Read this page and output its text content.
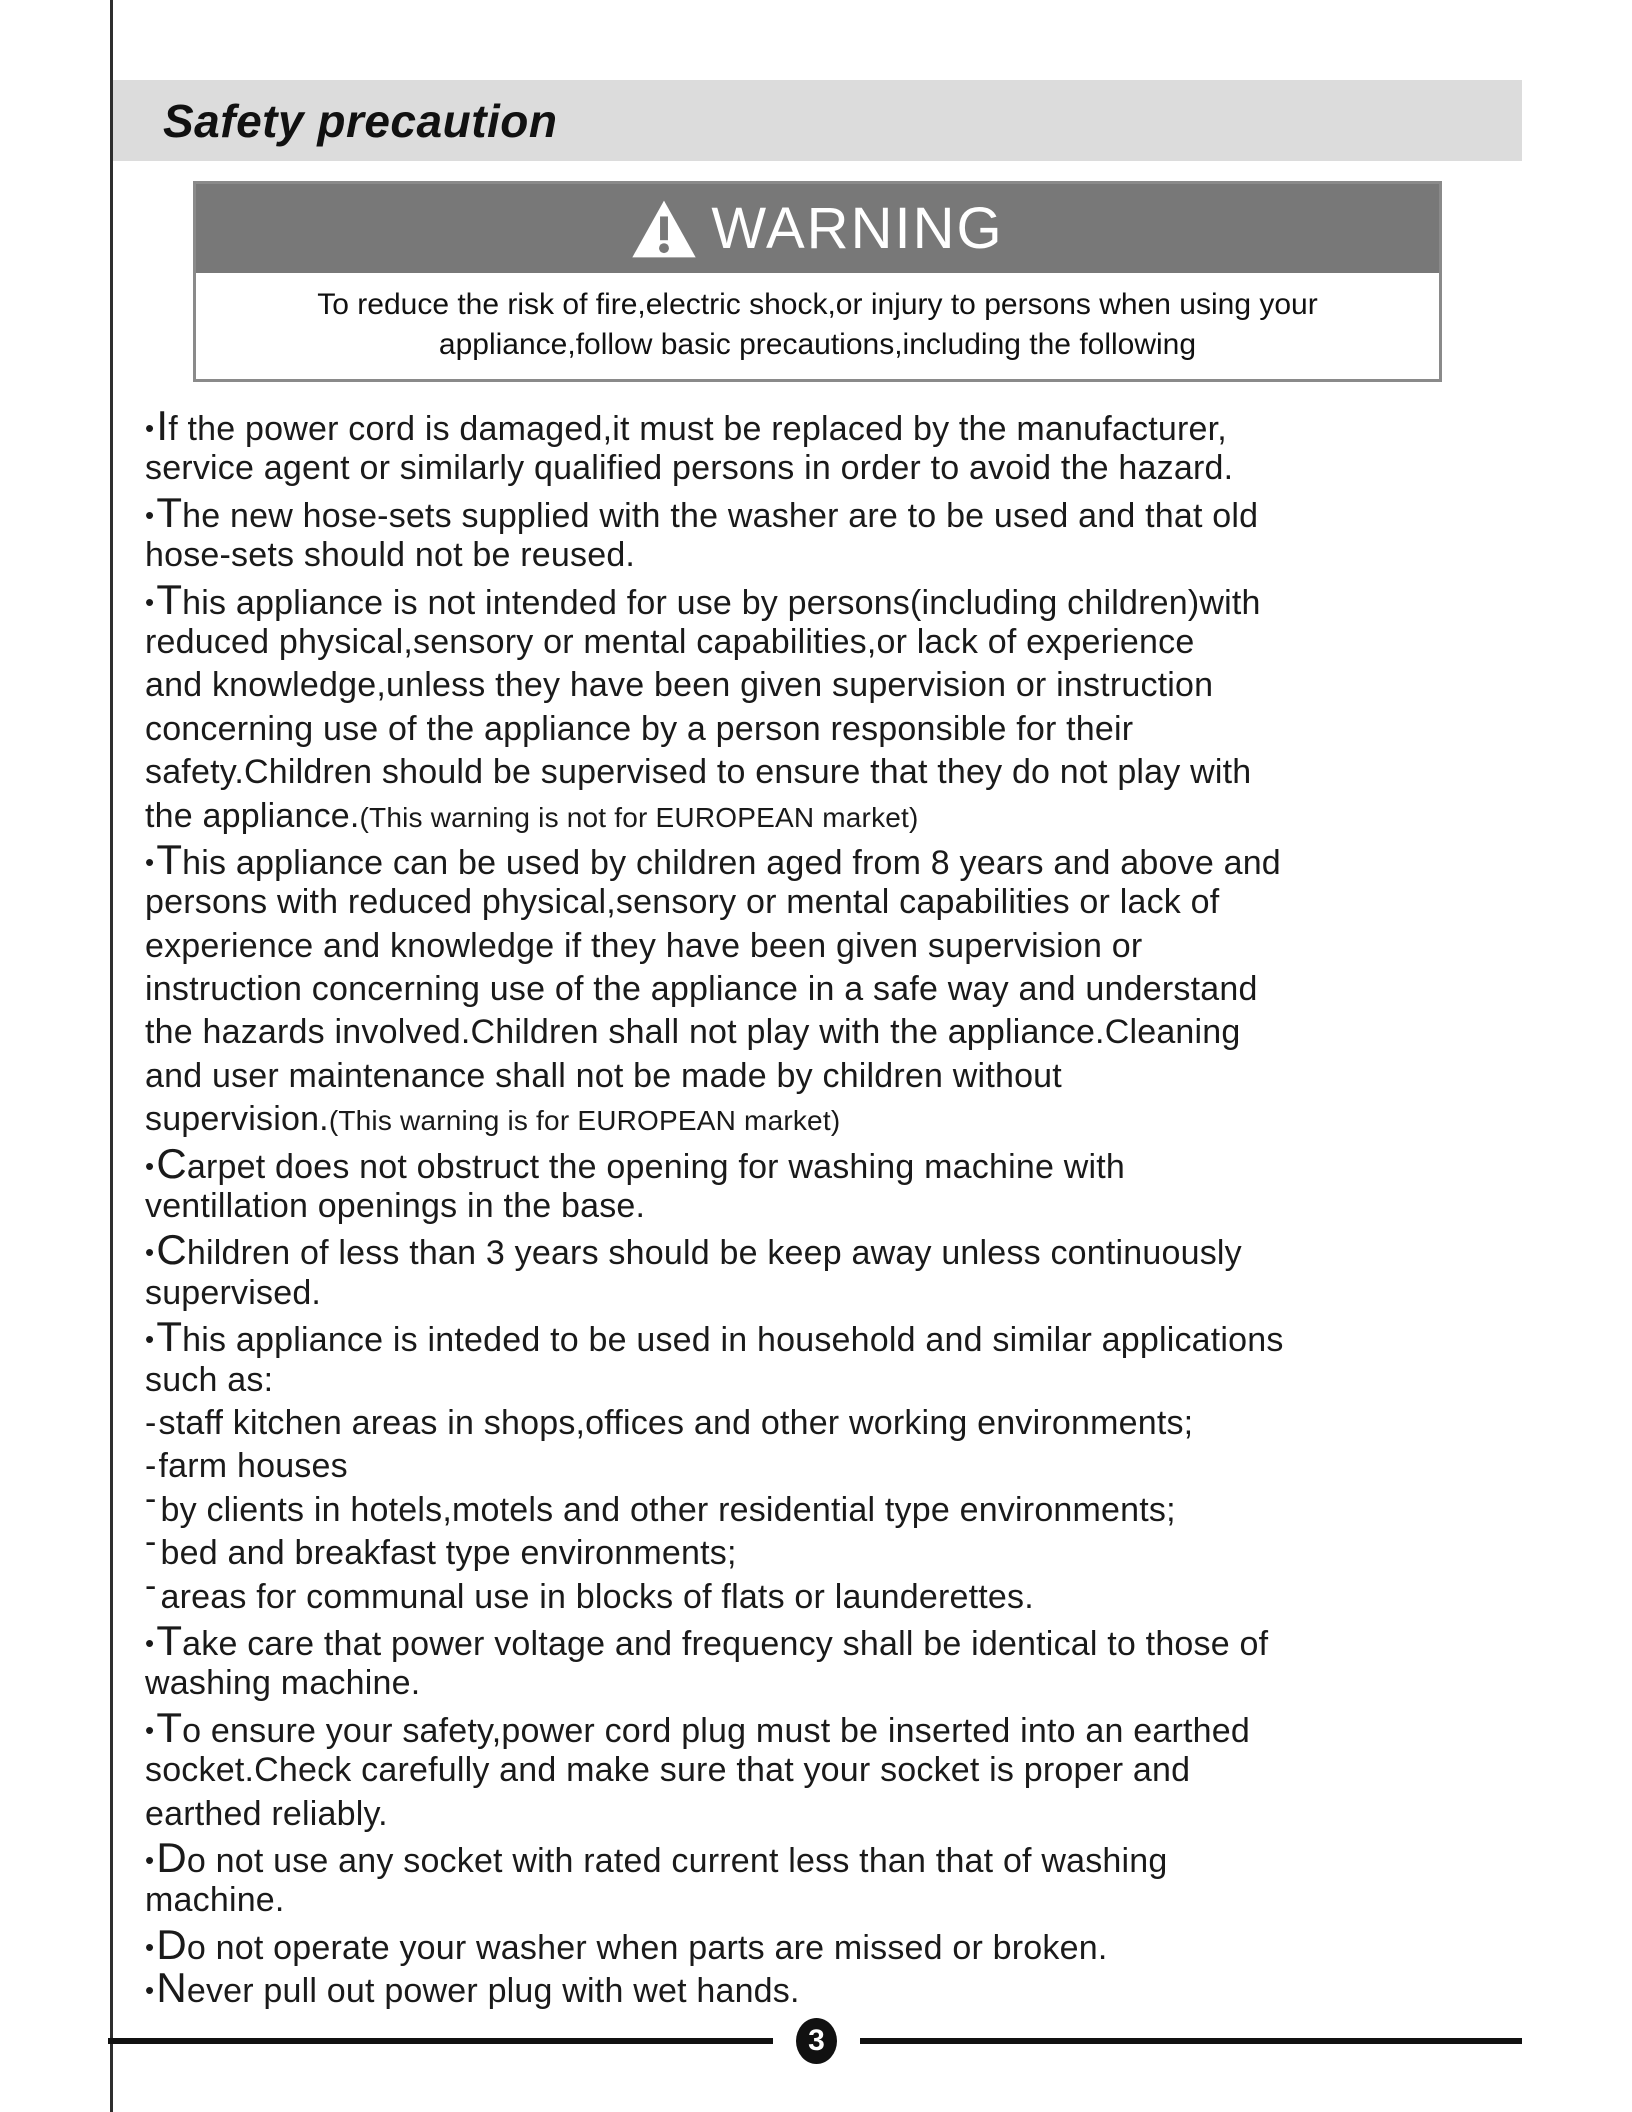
Safety precaution
WARNING
To reduce the risk of fire,electric shock,or injury to persons when using your
appliance,follow basic precautions,including the following
•If the power cord is damaged,it must be replaced by the manufacturer,
service agent or similarly qualified persons in order to avoid the hazard.
•The new hose-sets supplied with the washer are to be used and that old
hose-sets should not be reused.
•This appliance is not intended for use by persons(including children)with
reduced physical,sensory or mental capabilities,or lack of experience
and knowledge,unless they have been given supervision or instruction
concerning use of the appliance by a person responsible for their
safety.Children should be supervised to ensure that they do not play with
the appliance.(This warning is not for EUROPEAN market)
•This appliance can be used by children aged from 8 years and above and
persons with reduced physical,sensory or mental capabilities or lack of
experience and knowledge if they have been given supervision or
instruction concerning use of the appliance in a safe way and understand
the hazards involved.Children shall not play with the appliance.Cleaning
and user maintenance shall not be made by children without
supervision.(This warning is for EUROPEAN market)
•Carpet does not obstruct the opening for washing machine with
ventillation openings in the base.
•Children of less than 3 years should be keep away unless continuously
supervised.
•This appliance is inteded to be used in household and similar applications
such as:
-staff kitchen areas in shops,offices and other working environments;
-farm houses
- by clients in hotels,motels and other residential type environments;
- bed and breakfast type environments;
- areas for communal use in blocks of flats or launderettes.
•Take care that power voltage and frequency shall be identical to those of
washing machine.
•To ensure your safety,power cord plug must be inserted into an earthed
socket.Check carefully and make sure that your socket is proper and
earthed reliably.
•Do not use any socket with rated current less than that of washing
machine.
•Do not operate your washer when parts are missed or broken.
•Never pull out power plug with wet hands.
3
